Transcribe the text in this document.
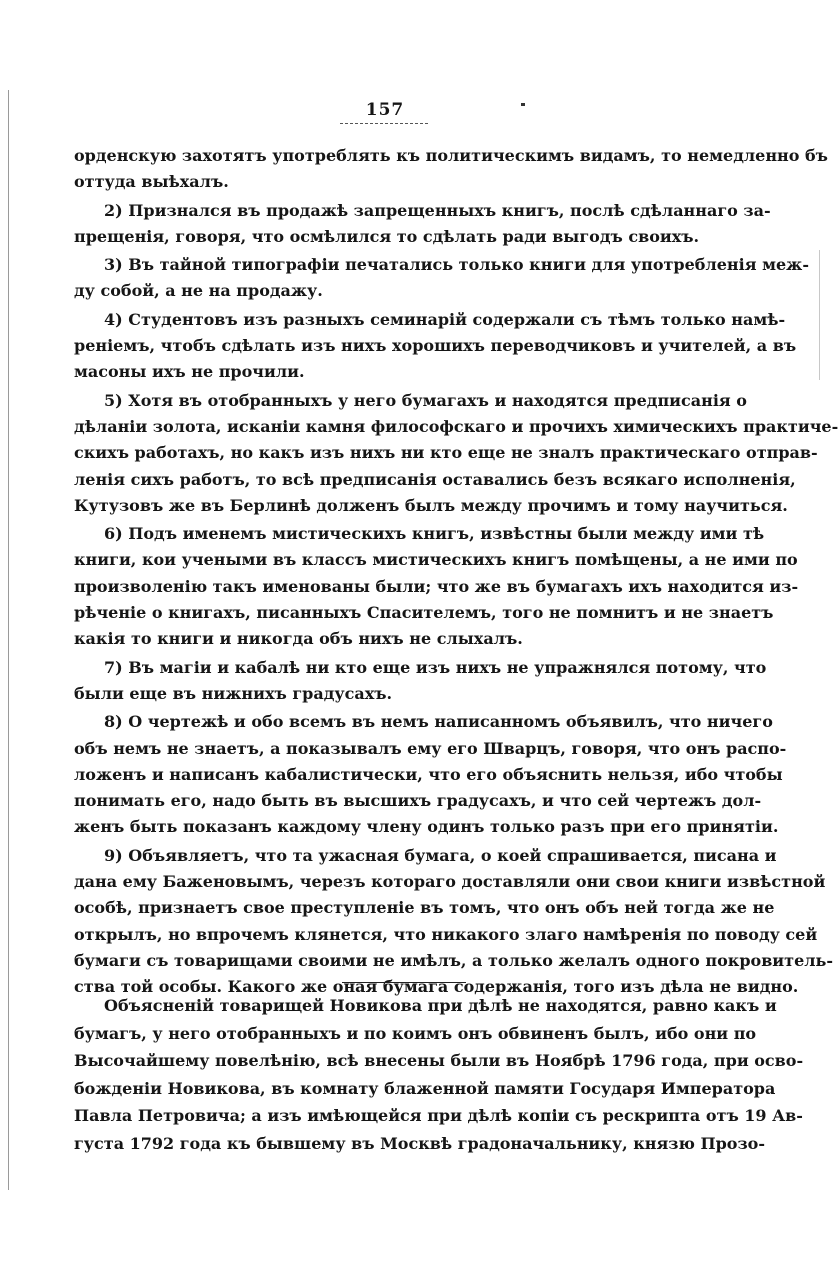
157
орденскую захотятъ употреблять къ политическимъ видамъ, то немедленно бъ
оттуда выѣхалъ.
2) Признался въ продажѣ запрещенныхъ книгъ, послѣ сдѣланнаго за-
прещенія, говоря, что осмѣлился то сдѣлать ради выгодъ своихъ.
3) Въ тайной типографіи печатались только книги для употребленія меж-
ду собой, а не на продажу.
4) Студентовъ изъ разныхъ семинарій содержали съ тѣмъ только намѣ-
реніемъ, чтобъ сдѣлать изъ нихъ хорошихъ переводчиковъ и учителей, а въ
масоны ихъ не прочили.
5) Хотя въ отобранныхъ у него бумагахъ и находятся предписанія о
дѣланіи золота, исканіи камня философскаго и прочихъ химическихъ практиче-
скихъ работахъ, но какъ изъ нихъ ни кто еще не зналъ практическаго отправ-
ленія сихъ работъ, то всѣ предписанія оставались безъ всякаго исполненія,
Кутузовъ же въ Берлинѣ долженъ былъ между прочимъ и тому научиться.
6) Подъ именемъ мистическихъ книгъ, извѣстны были между ими тѣ
книги, кои учеными въ классъ мистическихъ книгъ помѣщены, а не ими по
произволенію такъ именованы были; что же въ бумагахъ ихъ находится из-
рѣченіе о книгахъ, писанныхъ Спасителемъ, того не помнитъ и не знаетъ
какія то книги и никогда объ нихъ не слыхалъ.
7) Въ магіи и кабалѣ ни кто еще изъ нихъ не упражнялся потому, что
были еще въ нижнихъ градусахъ.
8) О чертежѣ и обо всемъ въ немъ написанномъ объявилъ, что ничего
объ немъ не знаетъ, а показывалъ ему его Шварцъ, говоря, что онъ распо-
ложенъ и написанъ кабалистически, что его объяснить нельзя, ибо чтобы
понимать его, надо быть въ высшихъ градусахъ, и что сей чертежъ дол-
женъ быть показанъ каждому члену одинъ только разъ при его принятіи.
9) Объявляетъ, что та ужасная бумага, о коей спрашивается, писана и
дана ему Баженовымъ, черезъ котораго доставляли они свои книги извѣстной
особѣ, признаетъ свое преступленіе въ томъ, что онъ объ ней тогда же не
открылъ, но впрочемъ клянется, что никакого злаго намѣренія по поводу сей
бумаги съ товарищами своими не имѣлъ, а только желалъ одного покровитель-
ства той особы. Какого же оная бумага содержанія, того изъ дѣла не видно.
Объясненій товарищей Новикова при дѣлѣ не находятся, равно какъ и
бумагъ, у него отобранныхъ и по коимъ онъ обвиненъ былъ, ибо они по
Высочайшему повелѣнію, всѣ внесены были въ Ноябрѣ 1796 года, при осво-
божденіи Новикова, въ комнату блаженной памяти Государя Императора
Павла Петровича; а изъ имѣющейся при дѣлѣ копіи съ рескрипта отъ 19 Ав-
густа 1792 года къ бывшему въ Москвѣ градоначальнику, князю Прозо-
